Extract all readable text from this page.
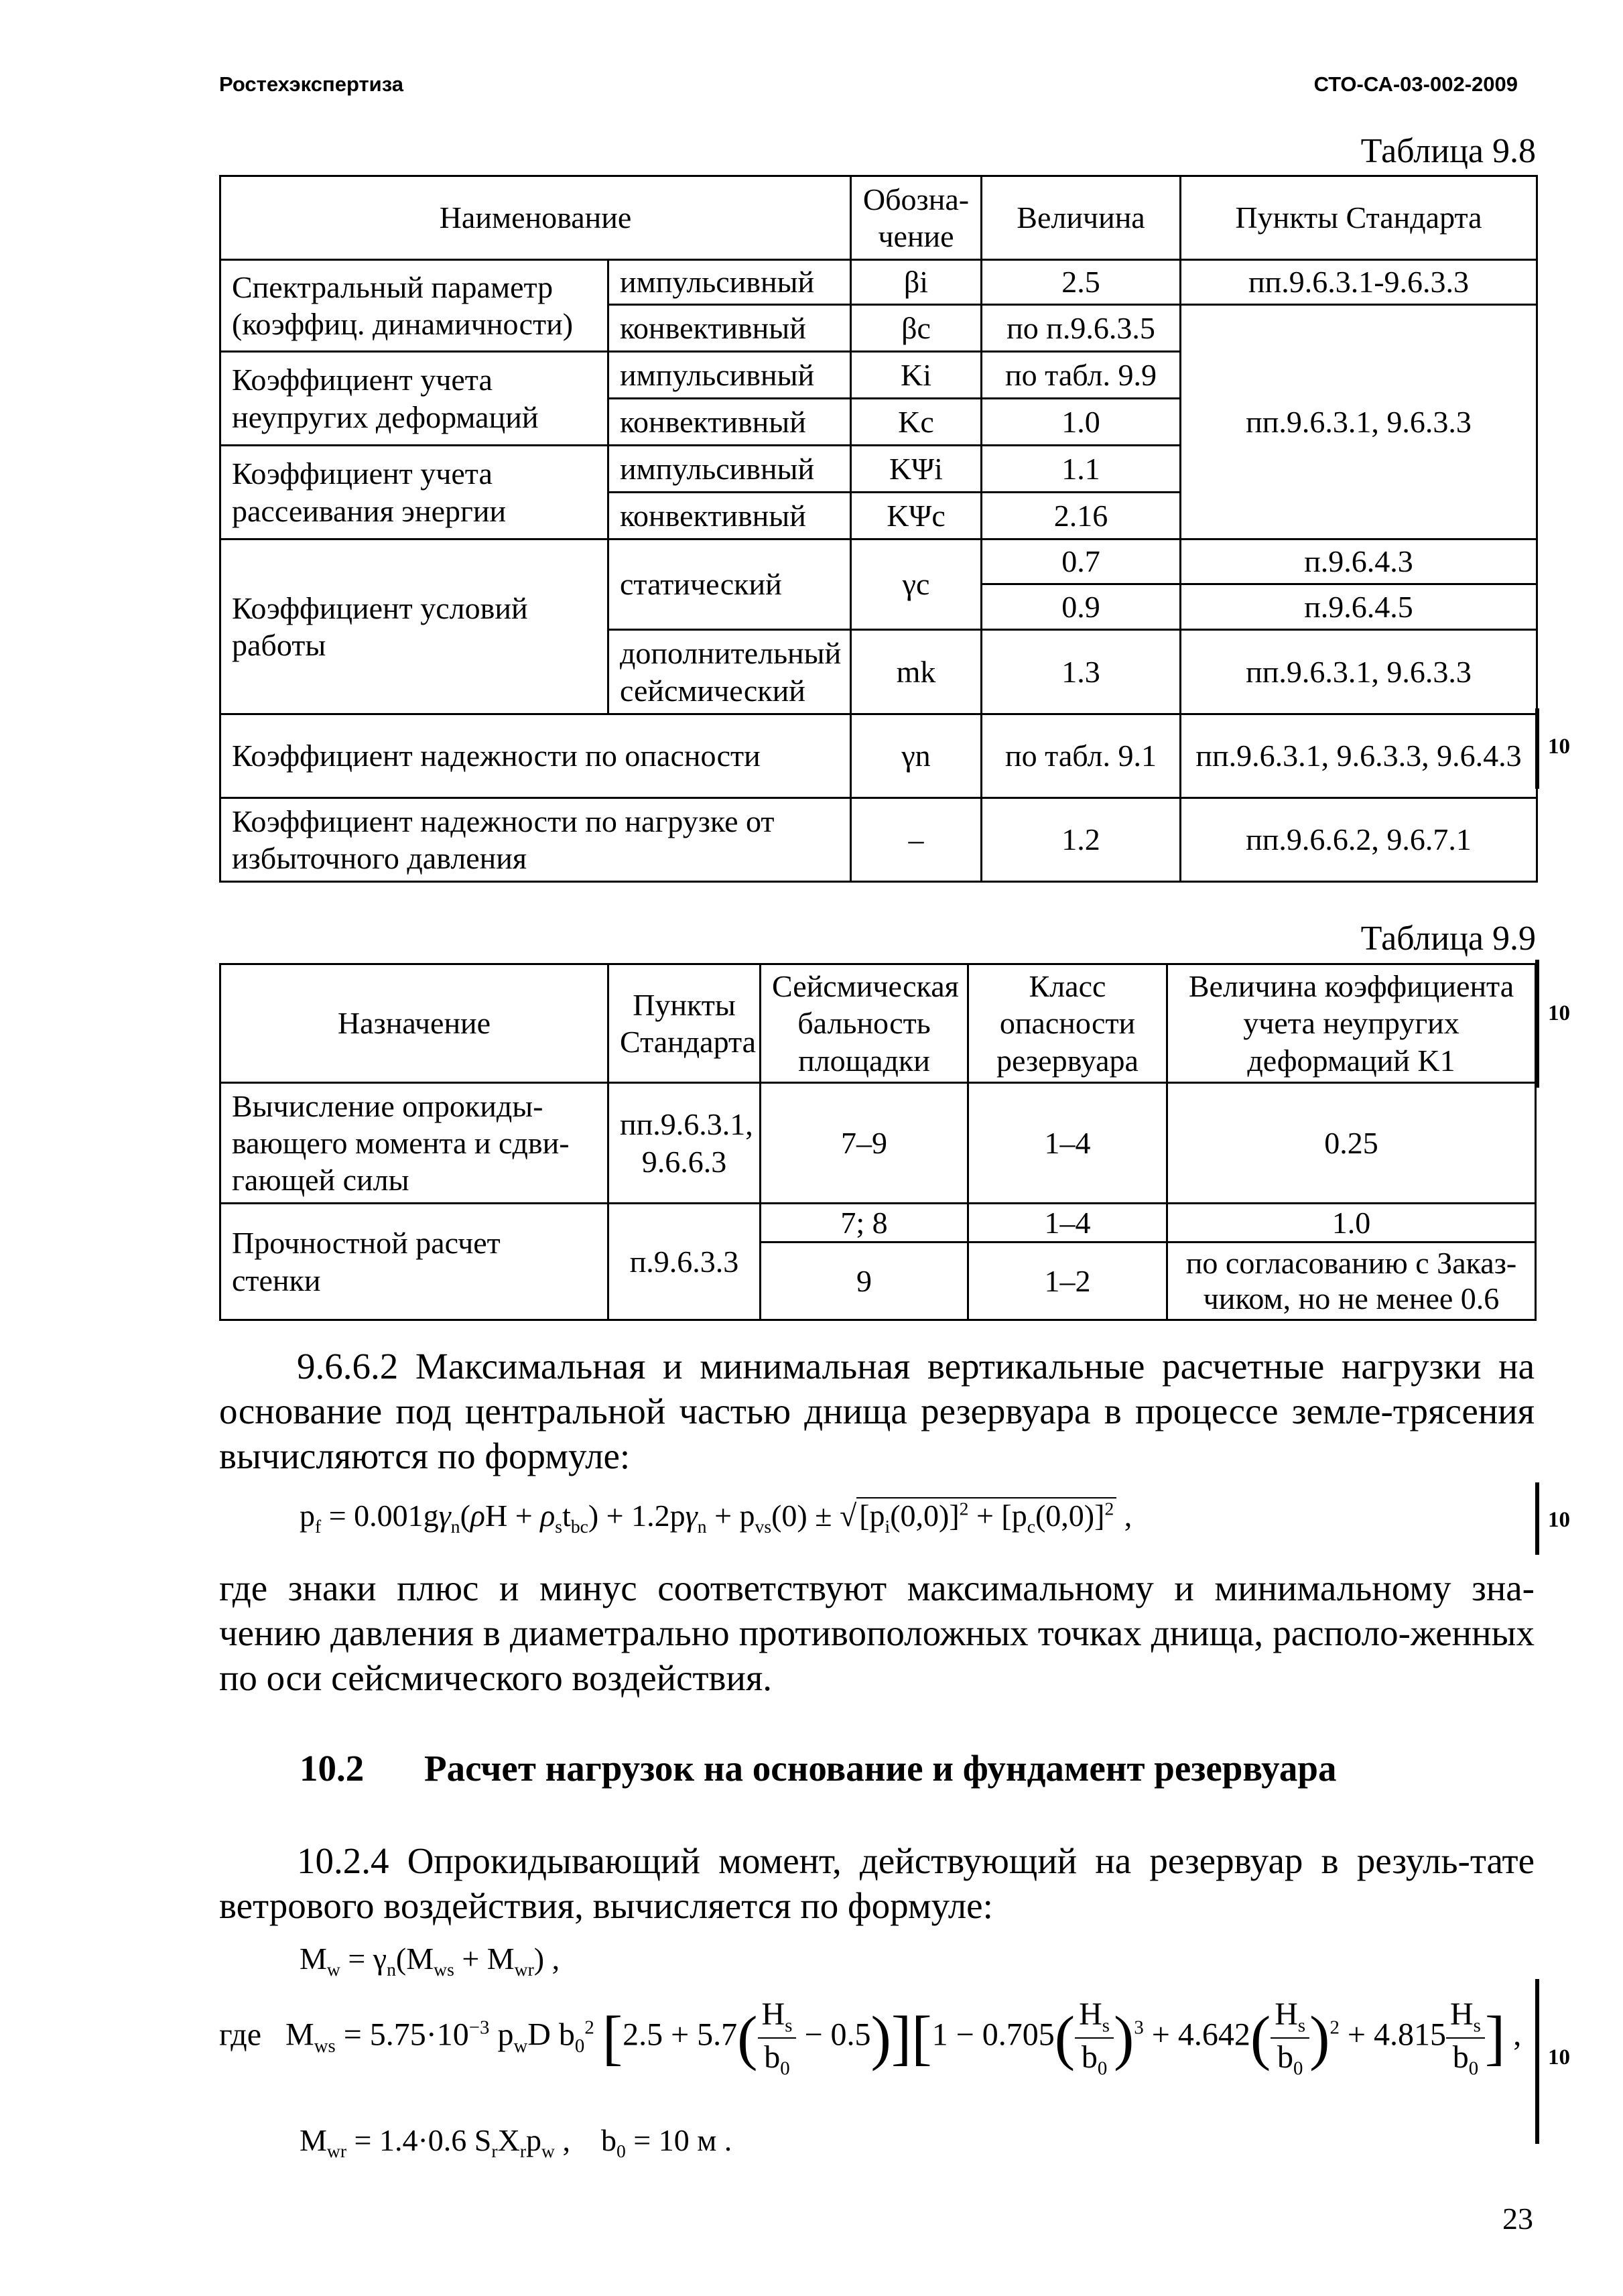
Ростехэкспертиза	СТО-СА-03-002-2009
Таблица 9.8
Наименование		Обозна-чение	Величина	Пункты Стандарта
Спектральный параметр (коэффиц. динамичности)	импульсивный	βi	2.5	пп.9.6.3.1-9.6.3.3
	конвективный	βc	по п.9.6.3.5	пп.9.6.3.1, 9.6.3.3
Коэффициент учета неупругих деформаций	импульсивный	Ki	по табл. 9.9	
	конвективный	Kc	1.0	
Коэффициент учета рассеивания энергии	импульсивный	KΨi	1.1	
	конвективный	KΨc	2.16	
Коэффициент условий работы	статический	γc	0.7	п.9.6.4.3
			0.9	п.9.6.4.5
	дополнительный сейсмический	mk	1.3	пп.9.6.3.1, 9.6.3.3
Коэффициент надежности по опасности		γn	по табл. 9.1	пп.9.6.3.1, 9.6.3.3, 9.6.4.3
Коэффициент надежности по нагрузке от избыточного давления		–	1.2	пп.9.6.6.2, 9.6.7.1
10
Таблица 9.9
Назначение	Пункты Стандарта	Сейсмическая бальность площадки	Класс опасности резервуара	Величина коэффициента учета неупругих деформаций K1
Вычисление опрокиды-вающего момента и сдви-гающей силы	пп.9.6.3.1, 9.6.6.3	7–9	1–4	0.25
Прочностной расчет стенки	п.9.6.3.3	7; 8	1–4	1.0
		9	1–2	по согласованию с Заказ-чиком, но не менее 0.6
10
9.6.6.2 Максимальная и минимальная вертикальные расчетные нагрузки на основание под центральной частью днища резервуара в процессе земле-трясения вычисляются по формуле:
$p_f = 0.001g\gamma_n(\rho H + \rho_st_{bc}) + 1.2p\gamma_n + p_{vs}(0) \pm √[p_i(0,0)]^2 + [p_c(0,0)]^2$ ,	10
где знаки плюс и минус соответствуют максимальному и минимальному зна-чению давления в диаметрально противоположных точках днища, располо-женных по оси сейсмического воздействия.
10.2 Расчет нагрузок на основание и фундамент резервуара
10.2.4 Опрокидывающий момент, действующий на резервуар в резуль-тате ветрового воздействия, вычисляется по формуле:
$M_w = \gamma_n(M_{ws} + M_{wr})$ ,
где   $M_{ws} = 5.75\cdot 10^{-3}$ $p_wD$ $b_0^2$ $[2.5 + 5.7( \frac{H_s}{b_0} - 0.5)][1 - 0.705( \frac{H_s}{b_0} )^3 + 4.642( \frac{H_s}{b_0} )^2 + 4.815 \frac{H_s}{b_0}$ ] ,
10
$M_{wr} = 1.4\cdot 0.6$ $S_rX_rp_w$ ,    $b_0 = 10$ м .
23
